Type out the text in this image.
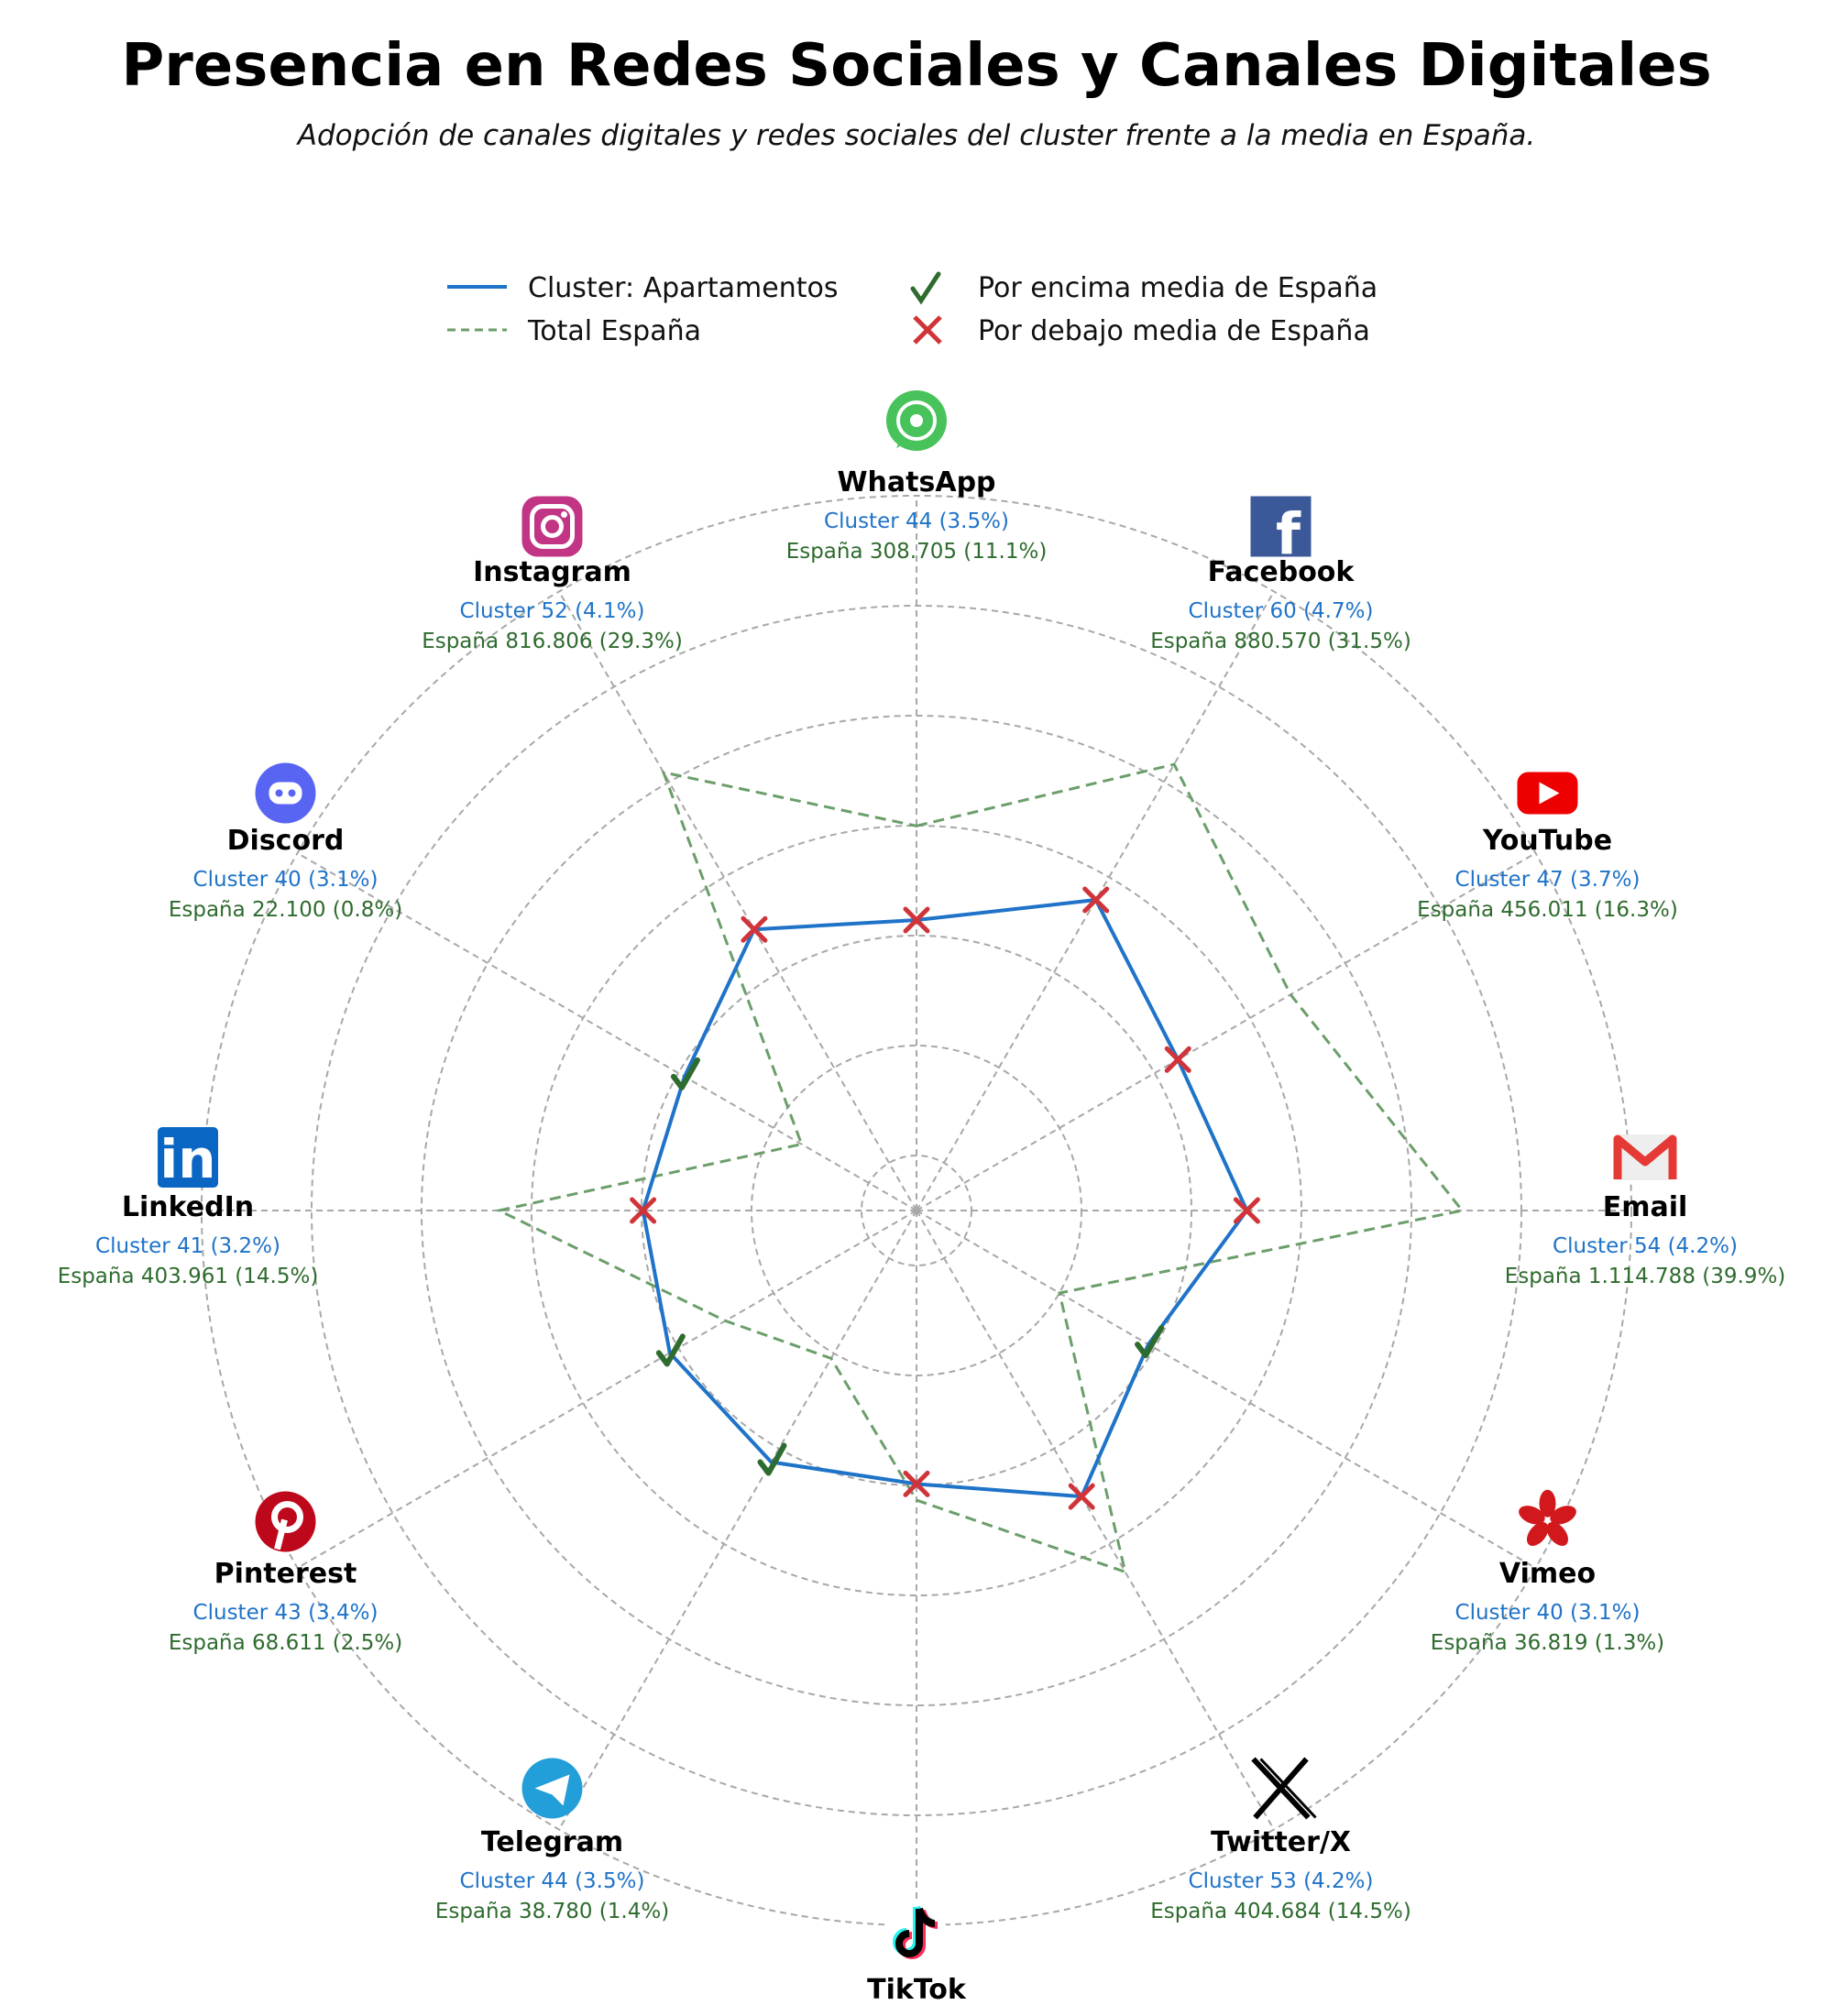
Presencia en Redes Sociales y Canales Digitales
Adopción de canales digitales y redes sociales del cluster frente a la media en España.
Cluster: Apartamentos
Total España
Por encima media de España
Por debajo media de España
WhatsApp
Cluster 44 (3.5%)
España 308.705 (11.1%)
Facebook
Cluster 60 (4.7%)
España 880.570 (31.5%)
YouTube
Cluster 47 (3.7%)
España 456.011 (16.3%)
Email
Cluster 54 (4.2%)
España 1.114.788 (39.9%)
Vimeo
Cluster 40 (3.1%)
España 36.819 (1.3%)
Twitter/X
Cluster 53 (4.2%)
España 404.684 (14.5%)
TikTok
Telegram
Cluster 44 (3.5%)
España 38.780 (1.4%)
Pinterest
Cluster 43 (3.4%)
España 68.611 (2.5%)
LinkedIn
Cluster 41 (3.2%)
España 403.961 (14.5%)
Discord
Cluster 40 (3.1%)
España 22.100 (0.8%)
Instagram
Cluster 52 (4.1%)
España 816.806 (29.3%)
f
in
